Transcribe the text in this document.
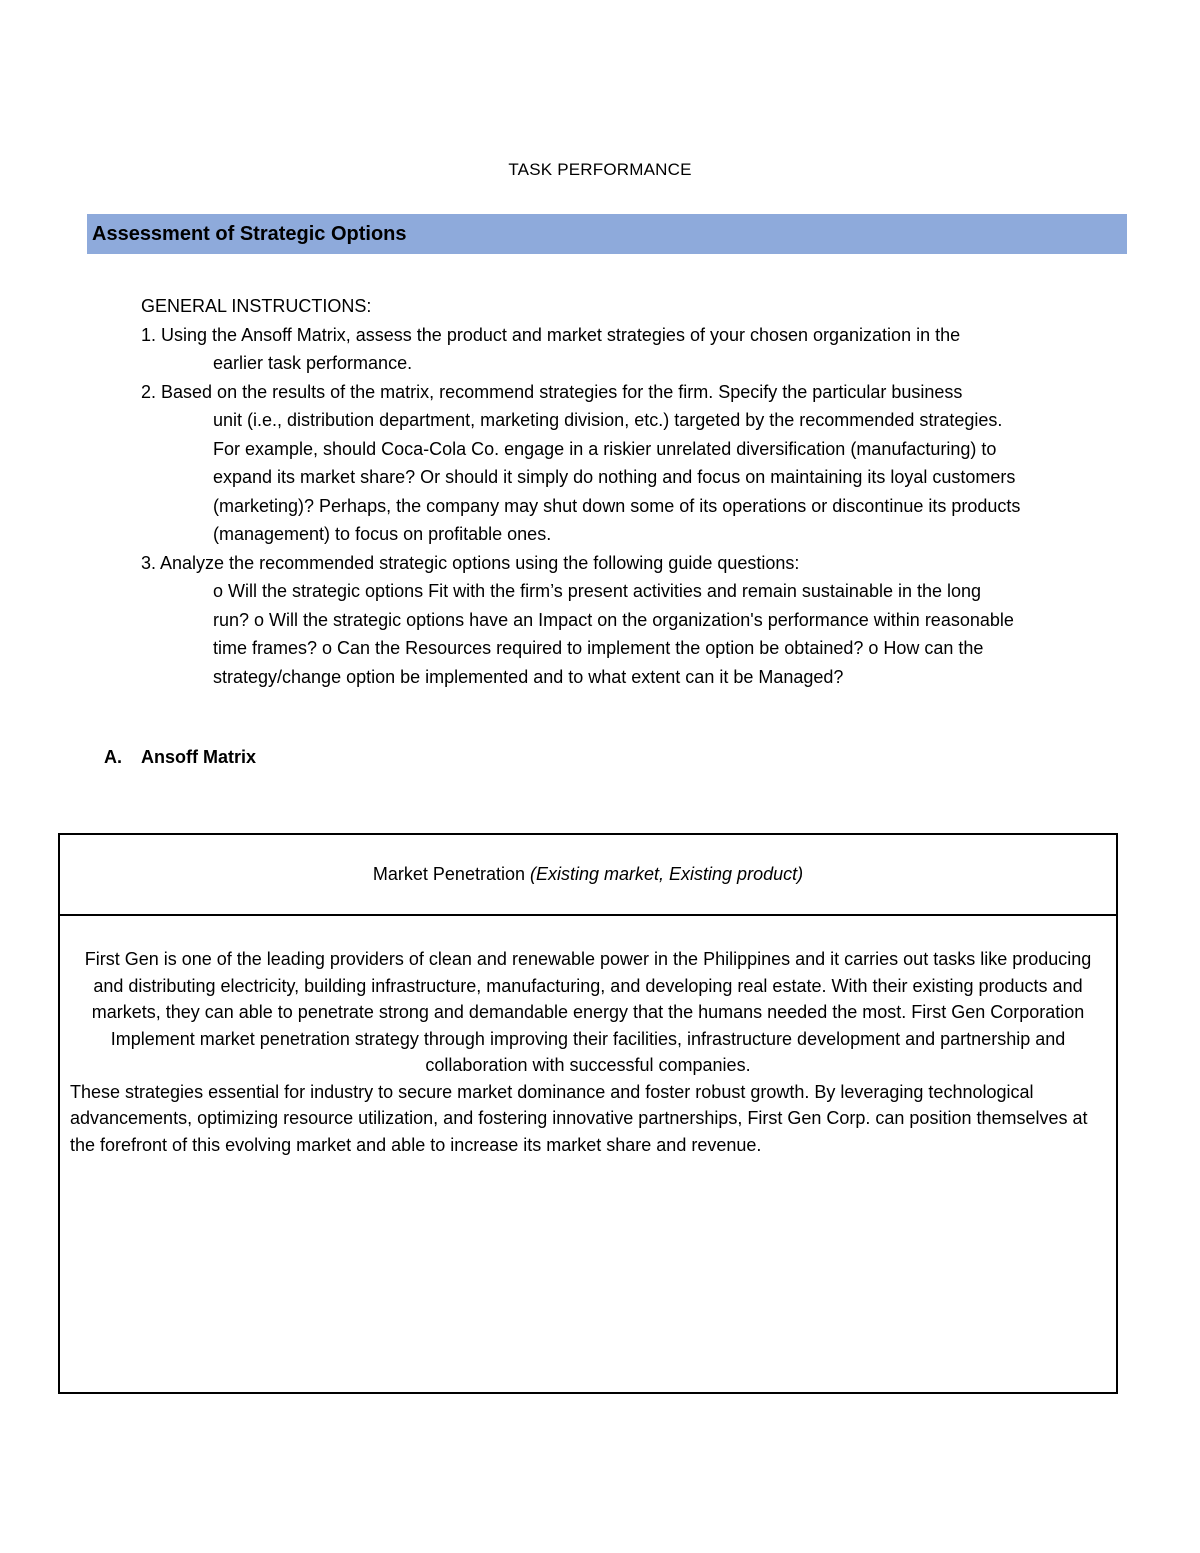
TASK PERFORMANCE
Assessment of Strategic Options

GENERAL INSTRUCTIONS:

1. Using the Ansoff Matrix, assess the product and market strategies of your chosen organization in the

earlier task performance.

2. Based on the results of the matrix, recommend strategies for the firm. Specify the particular business

unit (i.e., distribution department, marketing division, etc.) targeted by the recommended strategies.

For example, should Coca-Cola Co. engage in a riskier unrelated diversification (manufacturing) to

expand its market share? Or should it simply do nothing and focus on maintaining its loyal customers

(marketing)? Perhaps, the company may shut down some of its operations or discontinue its products

(management) to focus on profitable ones.

3. Analyze the recommended strategic options using the following guide questions:

o Will the strategic options Fit with the firm’s present activities and remain sustainable in the long

run? o Will the strategic options have an Impact on the organization's performance within reasonable

time frames? o Can the Resources required to implement the option be obtained? o How can the

strategy/change option be implemented and to what extent can it be Managed?

A. Ansoff Matrix
Market Penetration
(Existing market, Existing product)

First Gen is one of the leading providers of clean and renewable power in the Philippines and it carries out tasks like producing and distributing electricity, building infrastructure, manufacturing, and developing real estate. With their existing products and markets, they can able to penetrate strong and demandable energy that the humans needed the most. First Gen Corporation Implement market penetration strategy through improving their facilities, infrastructure development and partnership and collaboration with successful companies.

These strategies essential for industry to secure market dominance and foster robust growth. By leveraging technological advancements, optimizing resource utilization, and fostering innovative partnerships, First Gen Corp. can position themselves at the forefront of this evolving market and able to increase its market share and revenue.
